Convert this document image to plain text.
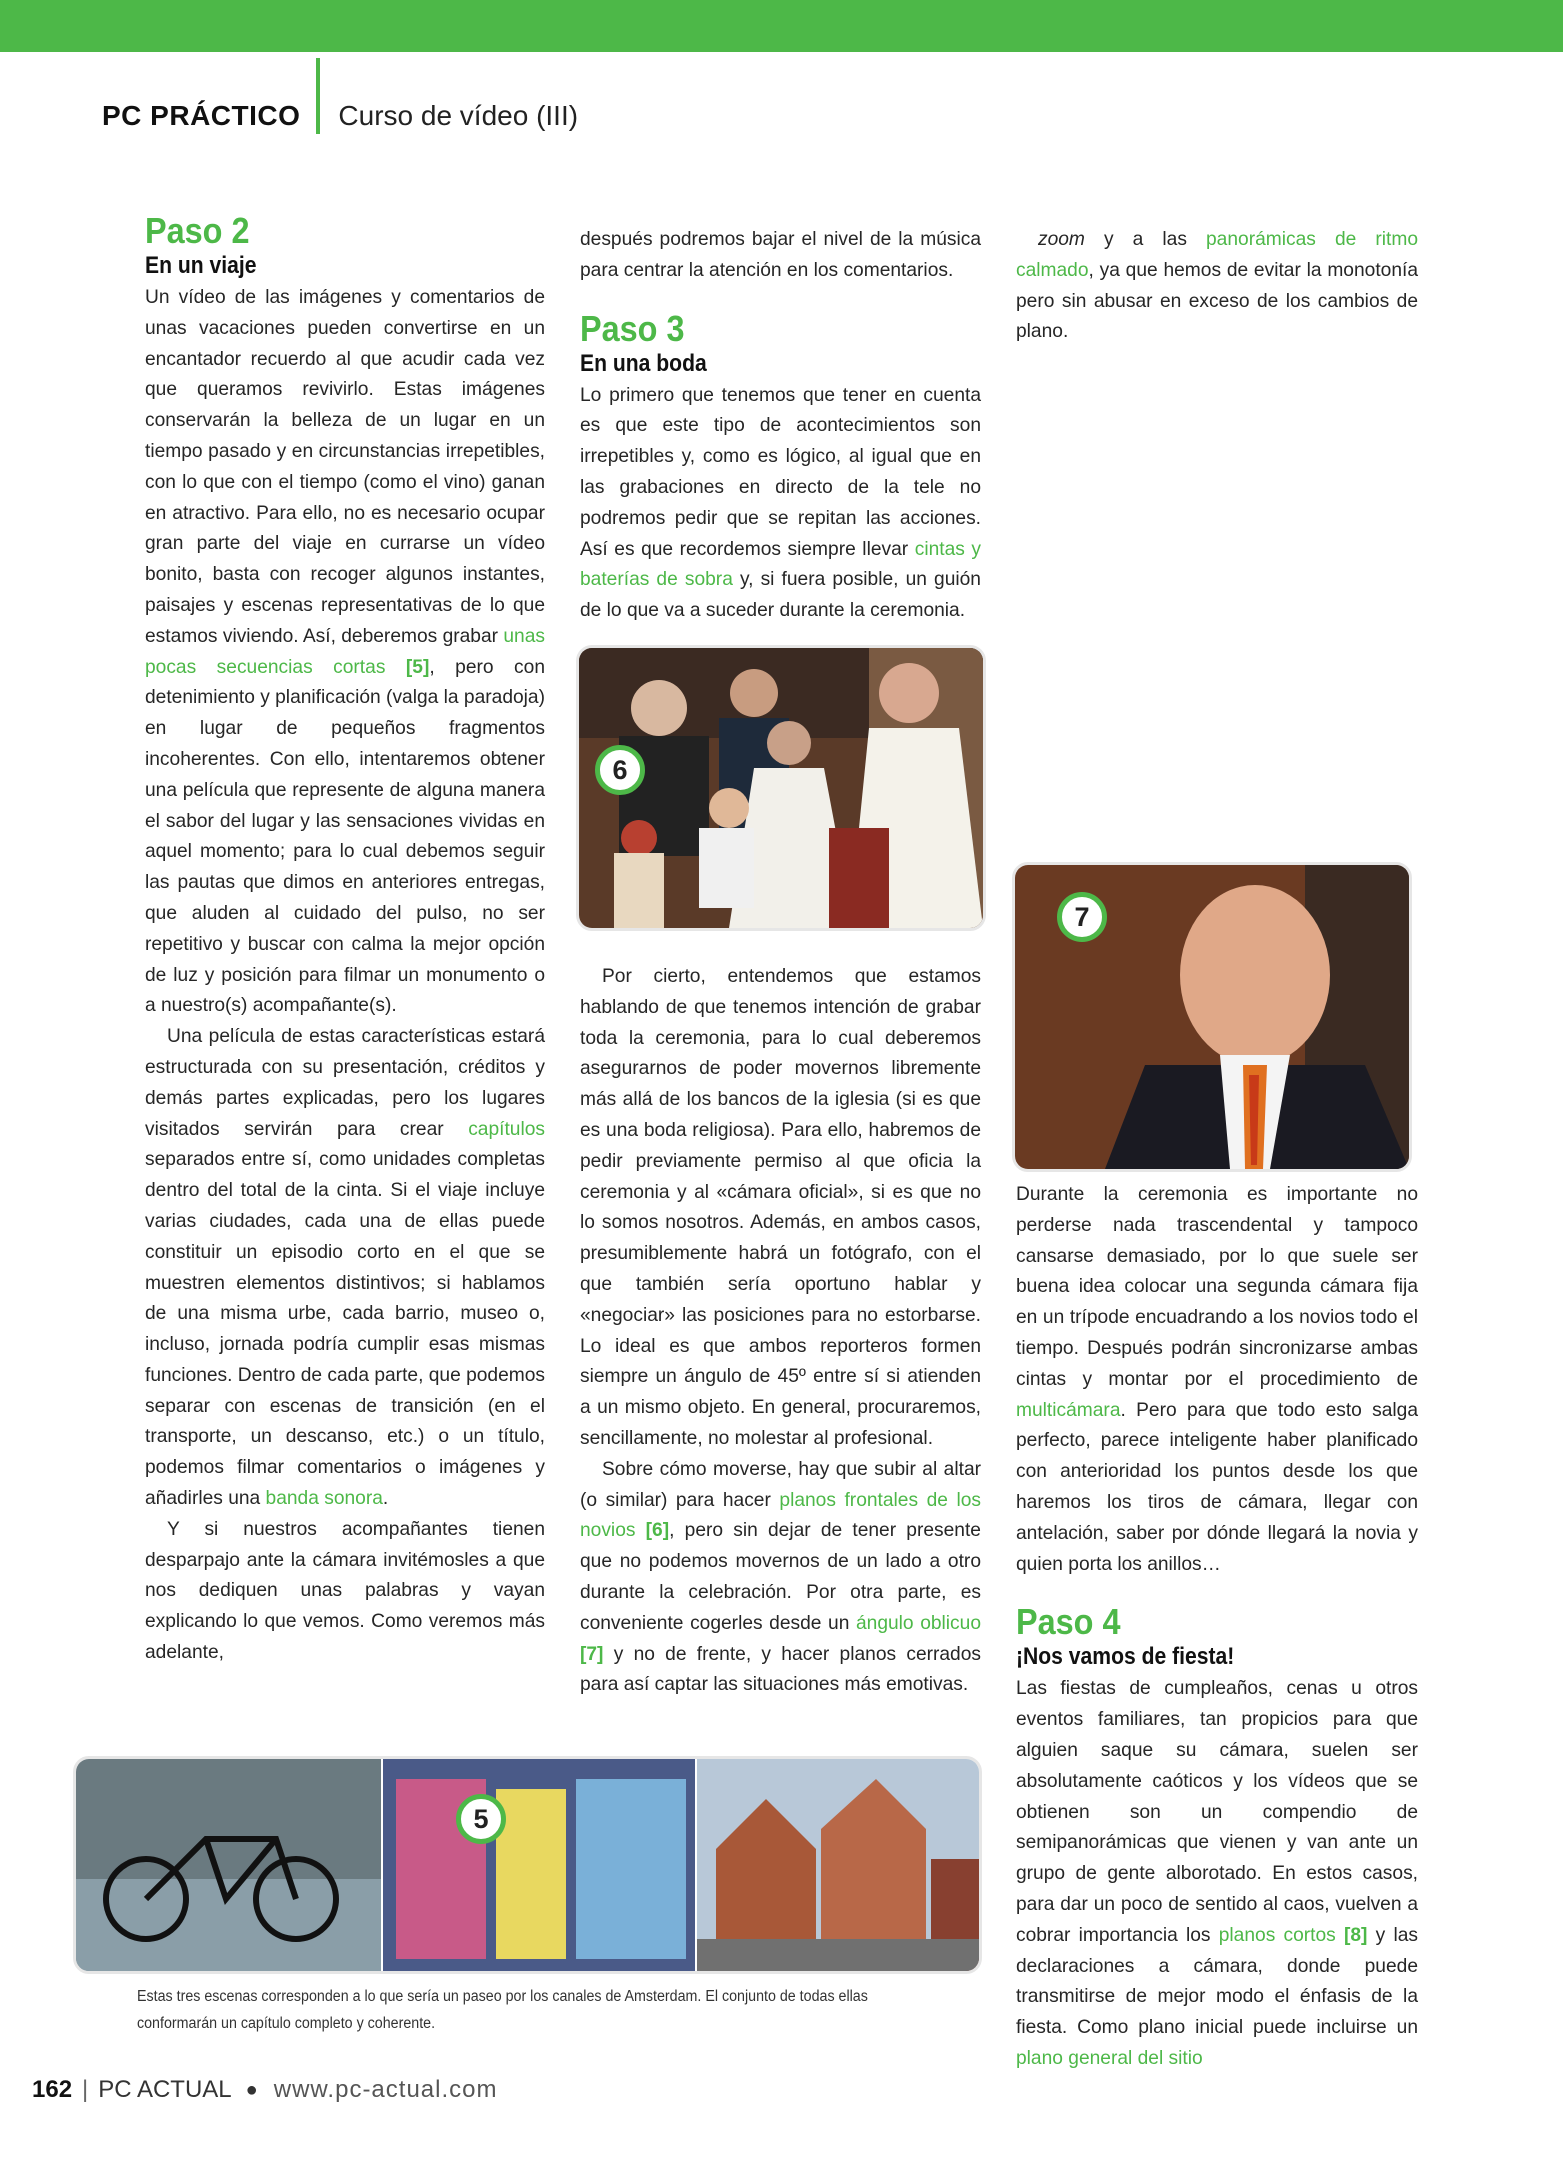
PC PRÁCTICO Curso de vídeo (III)
Paso 2
En un viaje

Un vídeo de las imágenes y comentarios de unas vacaciones pueden convertirse en un encantador recuerdo al que acudir cada vez que queramos revivirlo. Estas imágenes conservarán la belleza de un lugar en un tiempo pasado y en circunstancias irrepetibles, con lo que con el tiempo (como el vino) ganan en atractivo. Para ello, no es necesario ocupar gran parte del viaje en currarse un vídeo bonito, basta con recoger algunos instantes, paisajes y escenas representativas de lo que estamos viviendo. Así, deberemos grabar unas pocas secuencias cortas [5], pero con detenimiento y planificación (valga la paradoja) en lugar de pequeños fragmentos incoherentes. Con ello, intentaremos obtener una película que represente de alguna manera el sabor del lugar y las sensaciones vividas en aquel momento; para lo cual debemos seguir las pautas que dimos en anteriores entregas, que aluden al cuidado del pulso, no ser repetitivo y buscar con calma la mejor opción de luz y posición para filmar un monumento o a nuestro(s) acompañante(s).

Una película de estas características estará estructurada con su presentación, créditos y demás partes explicadas, pero los lugares visitados servirán para crear capítulos separados entre sí, como unidades completas dentro del total de la cinta. Si el viaje incluye varias ciudades, cada una de ellas puede constituir un episodio corto en el que se muestren elementos distintivos; si hablamos de una misma urbe, cada barrio, museo o, incluso, jornada podría cumplir esas mismas funciones. Dentro de cada parte, que podemos separar con escenas de transición (en el transporte, un descanso, etc.) o un título, podemos filmar comentarios o imágenes y añadirles una banda sonora.

Y si nuestros acompañantes tienen desparpajo ante la cámara invitémosles a que nos dediquen unas palabras y vayan explicando lo que vemos. Como veremos más adelante,

después podremos bajar el nivel de la música para centrar la atención en los comentarios.

Paso 3
En una boda

Lo primero que tenemos que tener en cuenta es que este tipo de acontecimientos son irrepetibles y, como es lógico, al igual que en las grabaciones en directo de la tele no podremos pedir que se repitan las acciones. Así es que recordemos siempre llevar cintas y baterías de sobra y, si fuera posible, un guión de lo que va a suceder durante la ceremonia.

Por cierto, entendemos que estamos hablando de que tenemos intención de grabar toda la ceremonia, para lo cual deberemos asegurarnos de poder movernos libremente más allá de los bancos de la iglesia (si es que es una boda religiosa). Para ello, habremos de pedir previamente permiso al que oficia la ceremonia y al «cámara oficial», si es que no lo somos nosotros. Además, en ambos casos, presumiblemente habrá un fotógrafo, con el que también sería oportuno hablar y «negociar» las posiciones para no estorbarse. Lo ideal es que ambos reporteros formen siempre un ángulo de 45º entre sí si atienden a un mismo objeto. En general, procuraremos, sencillamente, no molestar al profesional.

Sobre cómo moverse, hay que subir al altar (o similar) para hacer planos frontales de los novios [6], pero sin dejar de tener presente que no podemos movernos de un lado a otro durante la celebración. Por otra parte, es conveniente cogerles desde un ángulo oblicuo [7] y no de frente, y hacer planos cerrados para así captar las situaciones más emotivas.

zoom y a las panorámicas de ritmo calmado, ya que hemos de evitar la monotonía pero sin abusar en exceso de los cambios de plano.

Durante la ceremonia es importante no perderse nada trascendental y tampoco cansarse demasiado, por lo que suele ser buena idea colocar una segunda cámara fija en un trípode encuadrando a los novios todo el tiempo. Después podrán sincronizarse ambas cintas y montar por el procedimiento de multicámara. Pero para que todo esto salga perfecto, parece inteligente haber planificado con anterioridad los puntos desde los que haremos los tiros de cámara, llegar con antelación, saber por dónde llegará la novia y quien porta los anillos…

Paso 4
¡Nos vamos de fiesta!

Las fiestas de cumpleaños, cenas u otros eventos familiares, tan propicios para que alguien saque su cámara, suelen ser absolutamente caóticos y los vídeos que se obtienen son un compendio de semipanorámicas que vienen y van ante un grupo de gente alborotado. En estos casos, para dar un poco de sentido al caos, vuelven a cobrar importancia los planos cortos [8] y las declaraciones a cámara, donde puede transmitirse de mejor modo el énfasis de la fiesta. Como plano inicial puede incluirse un plano general del sitio

6
7
5
Estas tres escenas corresponden a lo que sería un paseo por los canales de Amsterdam. El conjunto de todas ellas conformarán un capítulo completo y coherente.
162 | PC ACTUAL ● www.pc-actual.com
